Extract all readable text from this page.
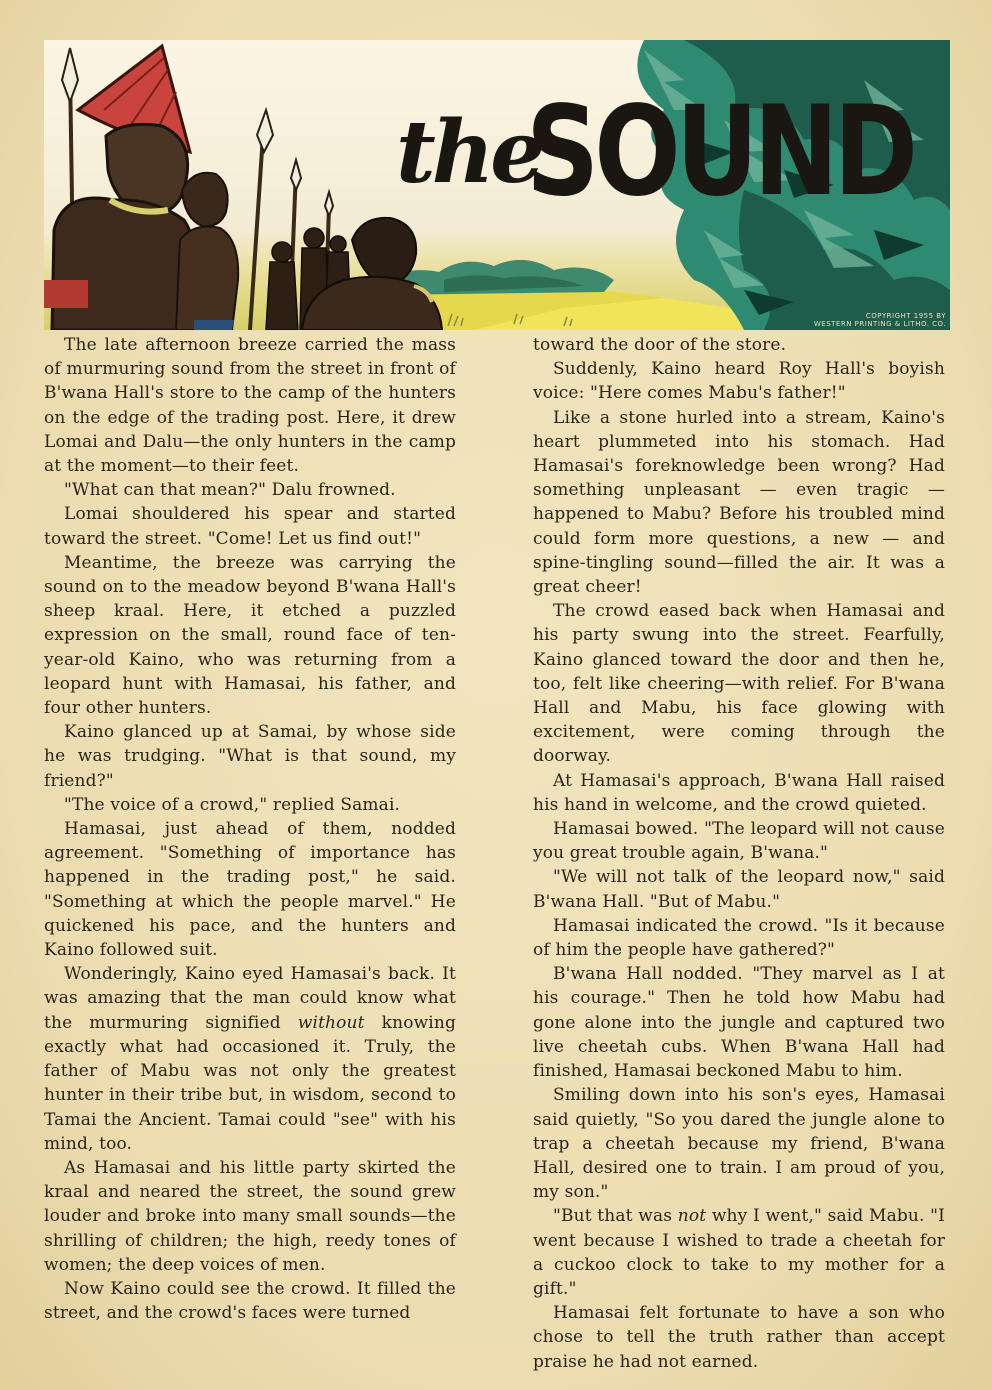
the
SOUND
COPYRIGHT 1955 BY
WESTERN PRINTING & LITHO. CO.

The late afternoon breeze carried the mass of murmuring sound from the street in front of B'wana Hall's store to the camp of the hunters on the edge of the trading post. Here, it drew Lomai and Dalu—the only hunters in the camp at the moment—to their feet.

"What can that mean?" Dalu frowned.

Lomai shouldered his spear and started toward the street. "Come! Let us find out!"

Meantime, the breeze was carrying the sound on to the meadow beyond B'wana Hall's sheep kraal. Here, it etched a puzzled expression on the small, round face of ten-year-old Kaino, who was returning from a leopard hunt with Hamasai, his father, and four other hunters.

Kaino glanced up at Samai, by whose side he was trudging. "What is that sound, my friend?"

"The voice of a crowd," replied Samai.

Hamasai, just ahead of them, nodded agreement. "Something of importance has happened in the trading post," he said. "Something at which the people marvel." He quickened his pace, and the hunters and Kaino followed suit.

Wonderingly, Kaino eyed Hamasai's back. It was amazing that the man could know what the murmuring signified without knowing exactly what had occasioned it. Truly, the father of Mabu was not only the greatest hunter in their tribe but, in wisdom, second to Tamai the Ancient. Tamai could "see" with his mind, too.

As Hamasai and his little party skirted the kraal and neared the street, the sound grew louder and broke into many small sounds—the shrilling of children; the high, reedy tones of women; the deep voices of men.

Now Kaino could see the crowd. It filled the street, and the crowd's faces were turned

toward the door of the store.

Suddenly, Kaino heard Roy Hall's boyish voice: "Here comes Mabu's father!"

Like a stone hurled into a stream, Kaino's heart plummeted into his stomach. Had Hamasai's foreknowledge been wrong? Had something unpleasant — even tragic — happened to Mabu? Before his troubled mind could form more questions, a new — and spine-tingling sound—filled the air. It was a great cheer!

The crowd eased back when Hamasai and his party swung into the street. Fearfully, Kaino glanced toward the door and then he, too, felt like cheering—with relief. For B'wana Hall and Mabu, his face glowing with excitement, were coming through the doorway.

At Hamasai's approach, B'wana Hall raised his hand in welcome, and the crowd quieted.

Hamasai bowed. "The leopard will not cause you great trouble again, B'wana."

"We will not talk of the leopard now," said B'wana Hall. "But of Mabu."

Hamasai indicated the crowd. "Is it because of him the people have gathered?"

B'wana Hall nodded. "They marvel as I at his courage." Then he told how Mabu had gone alone into the jungle and captured two live cheetah cubs. When B'wana Hall had finished, Hamasai beckoned Mabu to him.

Smiling down into his son's eyes, Hamasai said quietly, "So you dared the jungle alone to trap a cheetah because my friend, B'wana Hall, desired one to train. I am proud of you, my son."

"But that was not why I went," said Mabu. "I went because I wished to trade a cheetah for a cuckoo clock to take to my mother for a gift."

Hamasai felt fortunate to have a son who chose to tell the truth rather than accept praise he had not earned.
